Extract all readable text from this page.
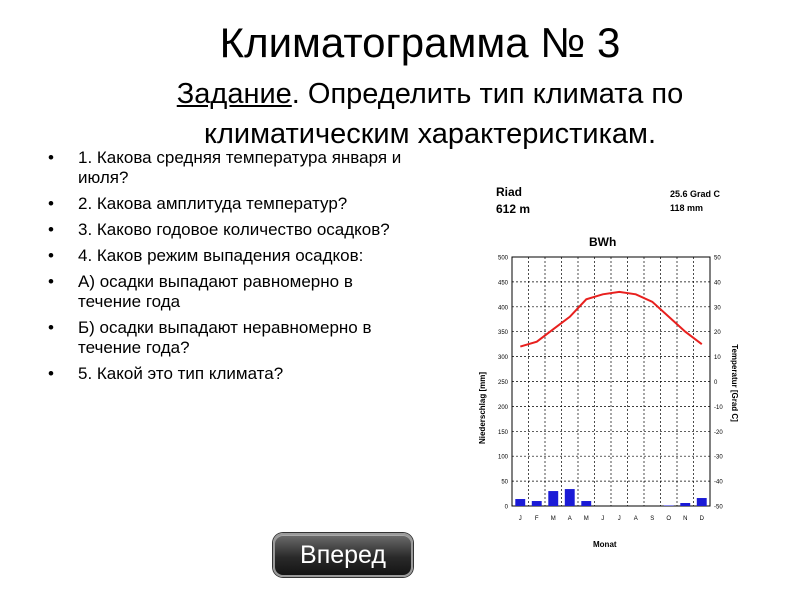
Климатограмма № 3
Задание. Определить тип климата по климатическим характеристикам.
• 1. Какова средняя температура января и июля?
• 2. Какова амплитуда температур?
• 3. Каково годовое количество осадков?
• 4. Каков режим выпадения осадков:
• А) осадки выпадают равномерно в течение года
• Б) осадки выпадают неравномерно в течение года?
• 5. Какой это тип климата?
Riad
612 m
25.6 Grad C
118 mm
BWh
Monat
Niederschlag [mm]	Temperatur [Grad C]
500	50
450	40
400	30
350	20
300	10
250	0
200	-10
150	-20
100	-30
50	-40
0	-50
J F M A M J J A S O N D
Вперед
